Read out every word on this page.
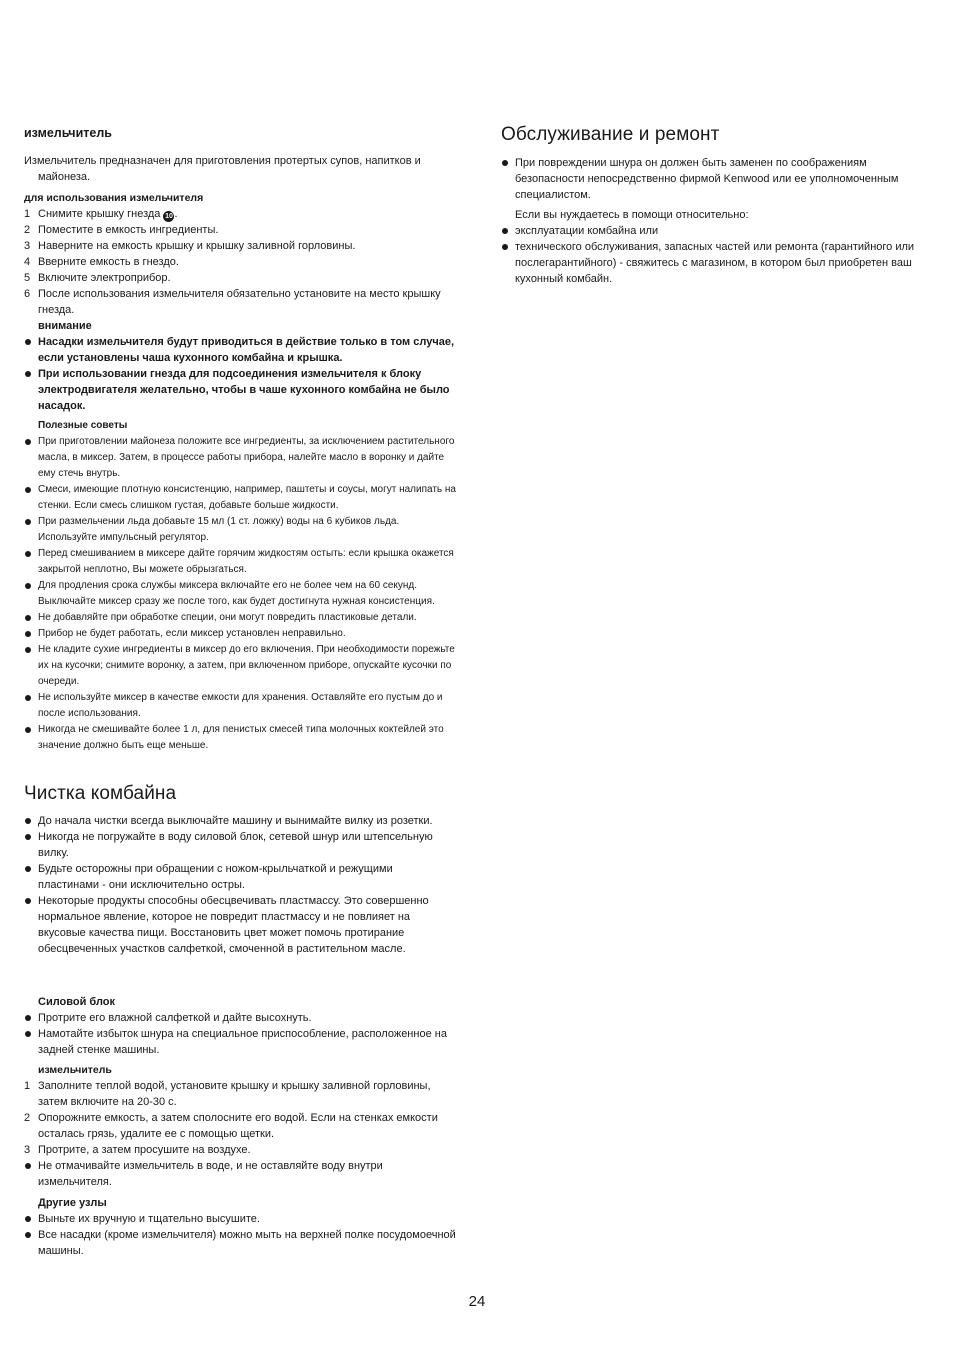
измельчитель
Измельчитель предназначен для приготовления протертых супов, напитков и майонеза.
для использования измельчителя
1 Снимите крышку гнезда 10 .
2 Поместите в емкость ингредиенты.
3 Наверните на емкость крышку и крышку заливной горловины.
4 Вверните емкость в гнездо.
5 Включите электроприбор.
6 После использования измельчителя обязательно установите на место крышку гнезда.
внимание
Насадки измельчителя будут приводиться в действие только в том случае, если установлены чаша кухонного комбайна и крышка.
При использовании гнезда для подсоединения измельчителя к блоку электродвигателя желательно, чтобы в чаше кухонного комбайна не было насадок.
Полезные советы
При приготовлении майонеза положите все ингредиенты, за исключением растительного масла, в миксер. Затем, в процессе работы прибора, налейте масло в воронку и дайте ему стечь внутрь.
Смеси, имеющие плотную консистенцию, например, паштеты и соусы, могут налипать на стенки. Если смесь слишком густая, добавьте больше жидкости.
При размельчении льда добавьте 15 мл (1 ст. ложку) воды на 6 кубиков льда. Используйте импульсный регулятор.
Перед смешиванием в миксере дайте горячим жидкостям остыть: если крышка окажется закрытой неплотно, Вы можете обрызгаться.
Для продления срока службы миксера включайте его не более чем на 60 секунд. Выключайте миксер сразу же после того, как будет достигнута нужная консистенция.
Не добавляйте при обработке специи, они могут повредить пластиковые детали.
Прибор не будет работать, если миксер установлен неправильно.
Не кладите сухие ингредиенты в миксер до его включения. При необходимости порежьте их на кусочки; снимите воронку, а затем, при включенном приборе, опускайте кусочки по очереди.
Не используйте миксер в качестве емкости для хранения. Оставляйте его пустым до и после использования.
Никогда не смешивайте более 1 л, для пенистых смесей типа молочных коктейлей это значение должно быть еще меньше.
Чистка комбайна
До начала чистки всегда выключайте машину и вынимайте вилку из розетки.
Никогда не погружайте в воду силовой блок, сетевой шнур или штепсельную вилку.
Будьте осторожны при обращении с ножом-крыльчаткой и режущими пластинами - они исключительно остры.
Некоторые продукты способны обесцвечивать пластмассу. Это совершенно нормальное явление, которое не повредит пластмассу и не повлияет на вкусовые качества пищи. Восстановить цвет может помочь протирание обесцвеченных участков салфеткой, смоченной в растительном масле.
Силовой блок
Протрите его влажной салфеткой и дайте высохнуть.
Намотайте избыток шнура на специальное приспособление, расположенное на задней стенке машины.
измельчитель
1 Заполните теплой водой, установите крышку и крышку заливной горловины, затем включите на 20-30 с.
2 Опорожните емкость, а затем сполосните его водой. Если на стенках емкости осталась грязь, удалите ее с помощью щетки.
3 Протрите, а затем просушите на воздухе.
Не отмачивайте измельчитель в воде, и не оставляйте воду внутри измельчителя.
Другие узлы
Выньте их вручную и тщательно высушите.
Все насадки (кроме измельчителя) можно мыть на верхней полке посудомоечной машины.
Обслуживание и ремонт
При повреждении шнура он должен быть заменен по соображениям безопасности непосредственно фирмой Kenwood или ее уполномоченным специалистом.
Если вы нуждаетесь в помощи относительно:
эксплуатации комбайна или
технического обслуживания, запасных частей или ремонта (гарантийного или послегарантийного) - свяжитесь с магазином, в котором был приобретен ваш кухонный комбайн.
24
